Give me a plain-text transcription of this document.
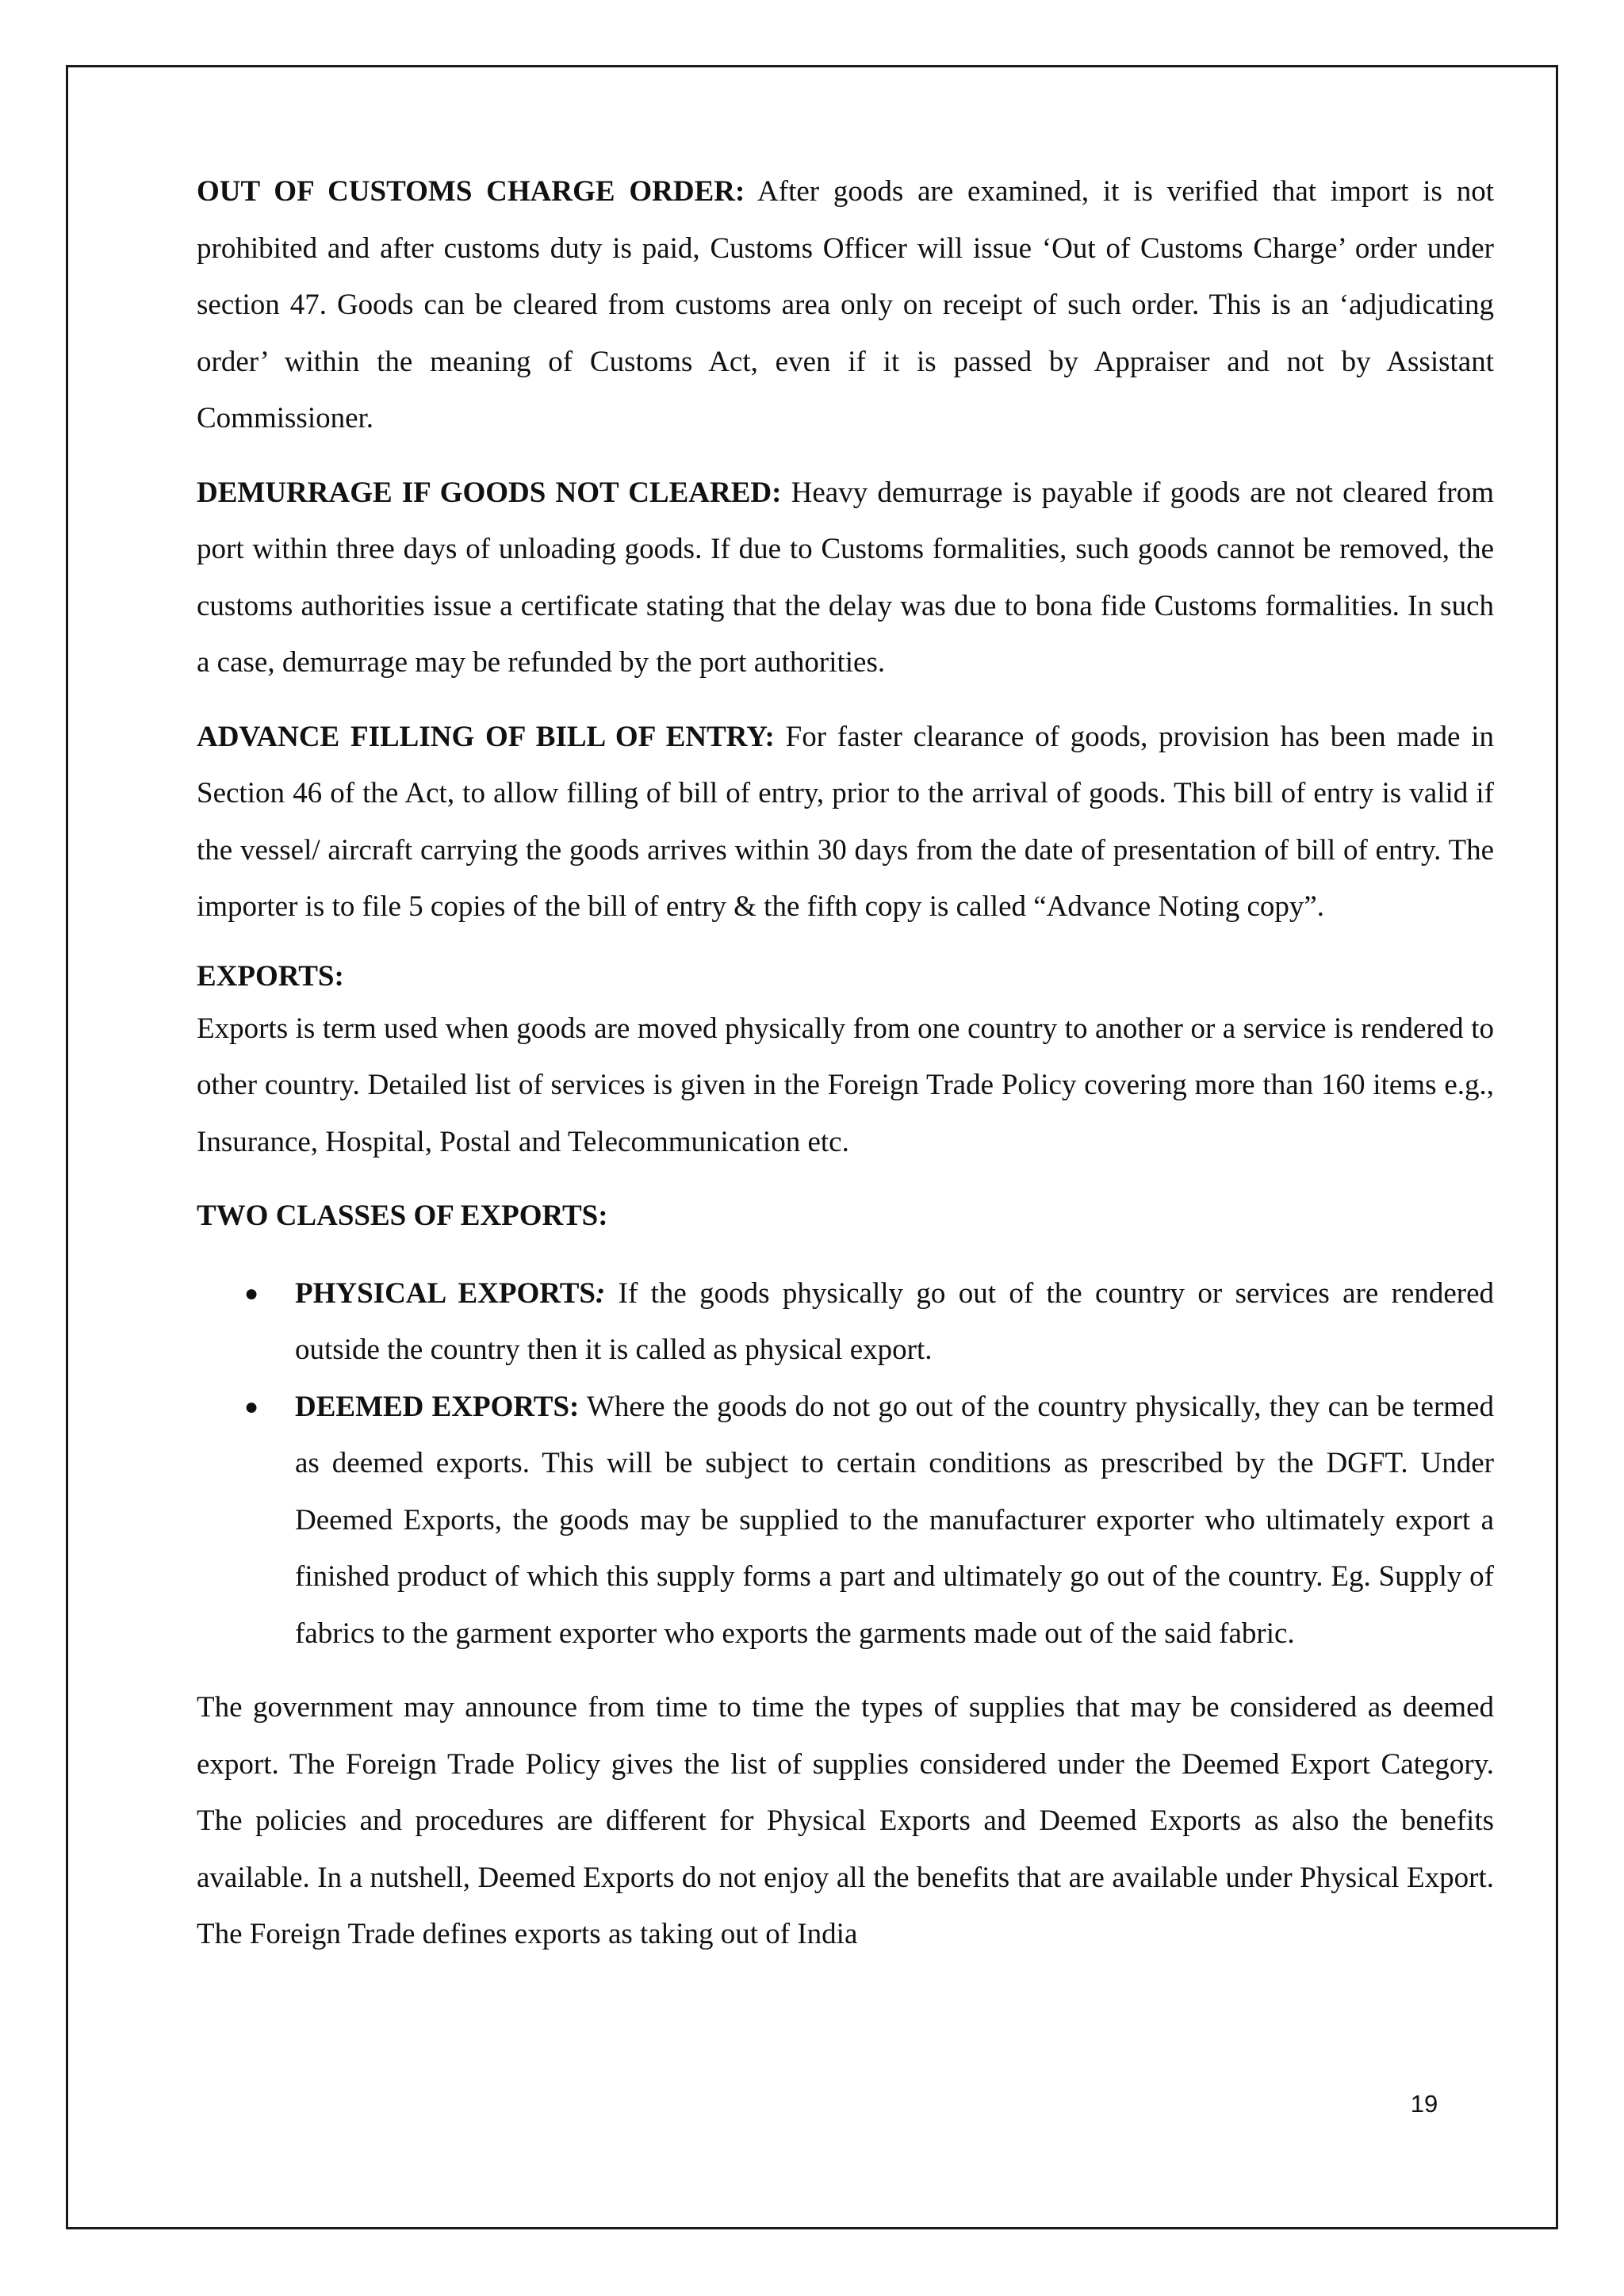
OUT OF CUSTOMS CHARGE ORDER: After goods are examined, it is verified that import is not prohibited and after customs duty is paid, Customs Officer will issue ‘Out of Customs Charge’ order under section 47. Goods can be cleared from customs area only on receipt of such order. This is an ‘adjudicating order’ within the meaning of Customs Act, even if it is passed by Appraiser and not by Assistant Commissioner.

DEMURRAGE IF GOODS NOT CLEARED: Heavy demurrage is payable if goods are not cleared from port within three days of unloading goods. If due to Customs formalities, such goods cannot be removed, the customs authorities issue a certificate stating that the delay was due to bona fide Customs formalities. In such a case, demurrage may be refunded by the port authorities.

ADVANCE FILLING OF BILL OF ENTRY: For faster clearance of goods, provision has been made in Section 46 of the Act, to allow filling of bill of entry, prior to the arrival of goods. This bill of entry is valid if the vessel/ aircraft carrying the goods arrives within 30 days from the date of presentation of bill of entry. The importer is to file 5 copies of the bill of entry & the fifth copy is called “Advance Noting copy”.

EXPORTS:

Exports is term used when goods are moved physically from one country to another or a service is rendered to other country. Detailed list of services is given in the Foreign Trade Policy covering more than 160 items e.g., Insurance, Hospital, Postal and Telecommunication etc.

TWO CLASSES OF EXPORTS:
● PHYSICAL EXPORTS: If the goods physically go out of the country or services are rendered outside the country then it is called as physical export.
● DEEMED EXPORTS: Where the goods do not go out of the country physically, they can be termed as deemed exports. This will be subject to certain conditions as prescribed by the DGFT. Under Deemed Exports, the goods may be supplied to the manufacturer exporter who ultimately export a finished product of which this supply forms a part and ultimately go out of the country. Eg. Supply of fabrics to the garment exporter who exports the garments made out of the said fabric.

The government may announce from time to time the types of supplies that may be considered as deemed export. The Foreign Trade Policy gives the list of supplies considered under the Deemed Export Category. The policies and procedures are different for Physical Exports and Deemed Exports as also the benefits available. In a nutshell, Deemed Exports do not enjoy all the benefits that are available under Physical Export. The Foreign Trade defines exports as taking out of India

19
